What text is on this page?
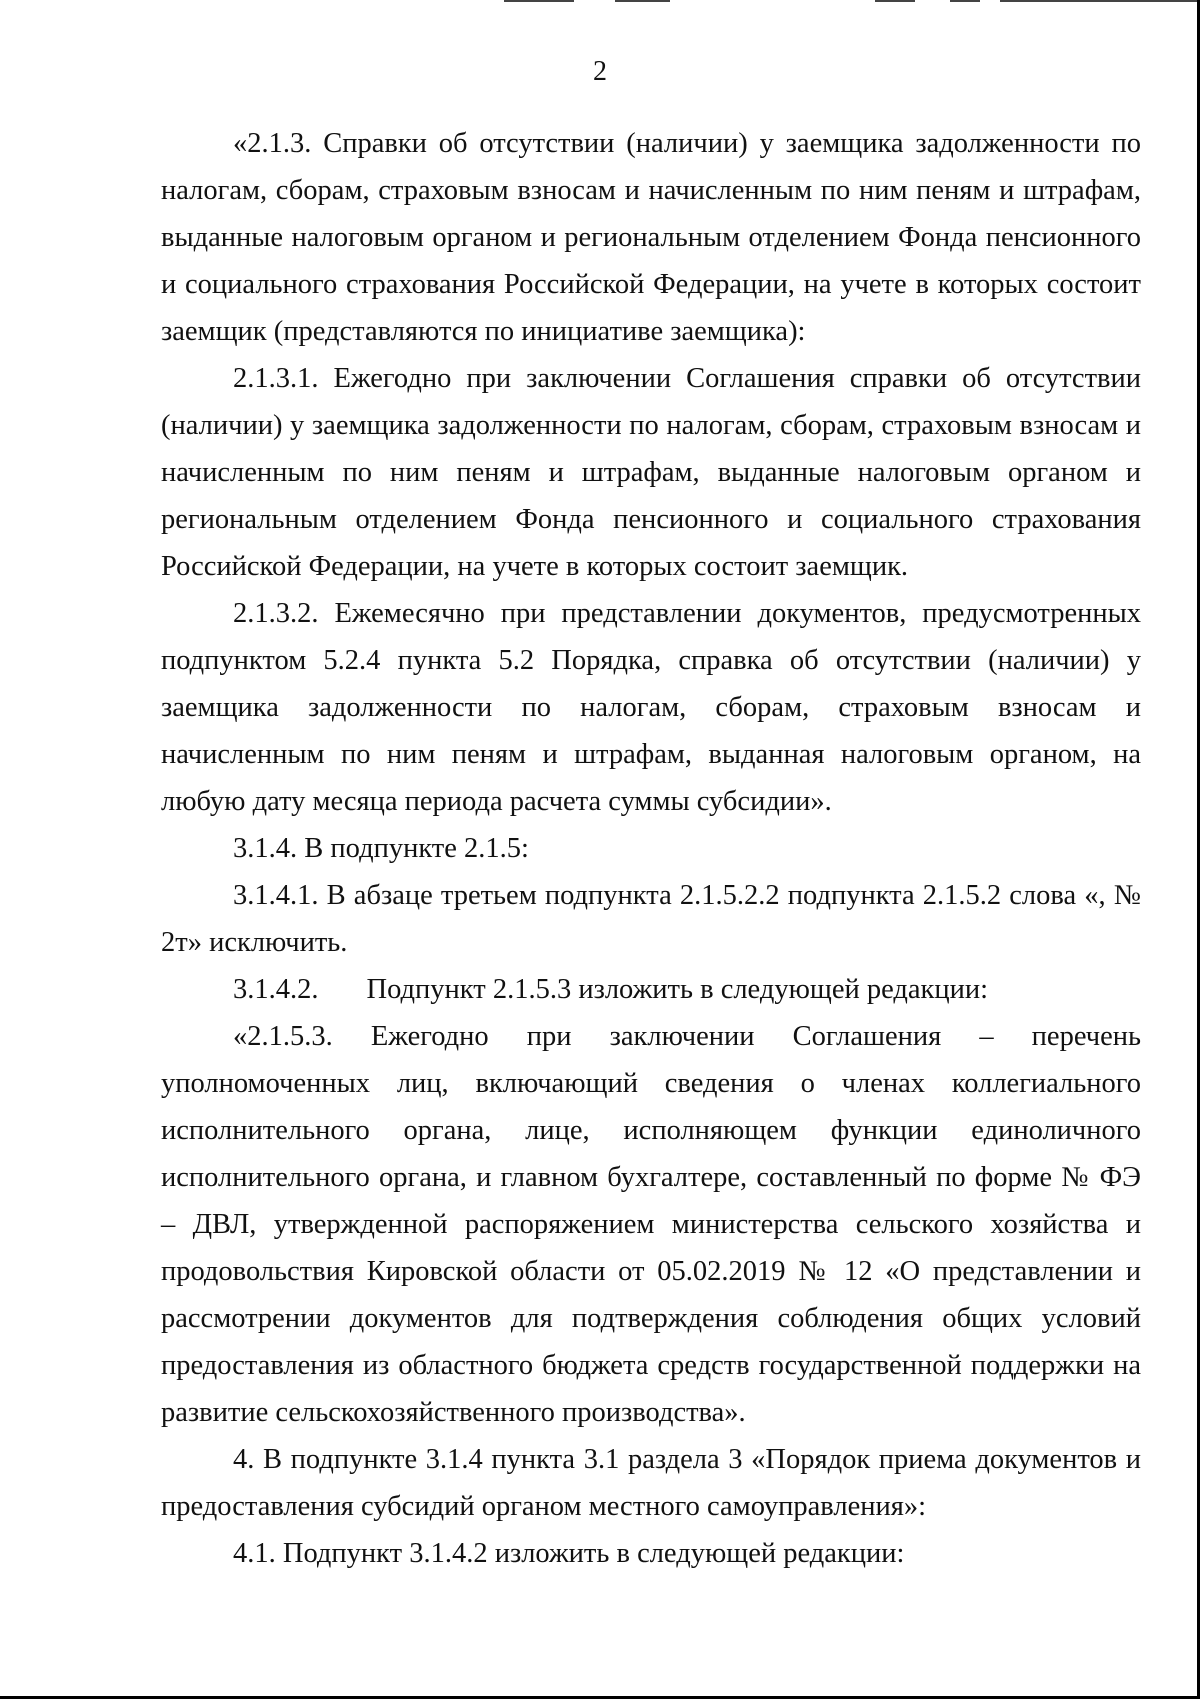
2

«2.1.3. Справки об отсутствии (наличии) у заемщика задолженности по налогам, сборам, страховым взносам и начисленным по ним пеням и штрафам, выданные налоговым органом и региональным отделением Фонда пенсионного и социального страхования Российской Федерации, на учете в которых состоит заемщик (представляются по инициативе заемщика):

2.1.3.1. Ежегодно при заключении Соглашения справки об отсутствии (наличии) у заемщика задолженности по налогам, сборам, страховым взносам и начисленным по ним пеням и штрафам, выданные налоговым органом и региональным отделением Фонда пенсионного и социального страхования Российской Федерации, на учете в которых состоит заемщик.

2.1.3.2. Ежемесячно при представлении документов, предусмотренных подпунктом 5.2.4 пункта 5.2 Порядка, справка об отсутствии (наличии) у заемщика задолженности по налогам, сборам, страховым взносам и начисленным по ним пеням и штрафам, выданная налоговым органом, на любую дату месяца периода расчета суммы субсидии».

3.1.4. В подпункте 2.1.5:

3.1.4.1. В абзаце третьем подпункта 2.1.5.2.2 подпункта 2.1.5.2 слова «, № 2т» исключить.

3.1.4.2. Подпункт 2.1.5.3 изложить в следующей редакции:

«2.1.5.3. Ежегодно при заключении Соглашения – перечень уполномоченных лиц, включающий сведения о членах коллегиального исполнительного органа, лице, исполняющем функции единоличного исполнительного органа, и главном бухгалтере, составленный по форме № ФЭ – ДВЛ, утвержденной распоряжением министерства сельского хозяйства и продовольствия Кировской области от 05.02.2019 № 12 «О представлении и рассмотрении документов для подтверждения соблюдения общих условий предоставления из областного бюджета средств государственной поддержки на развитие сельскохозяйственного производства».

4. В подпункте 3.1.4 пункта 3.1 раздела 3 «Порядок приема документов и предоставления субсидий органом местного самоуправления»:

4.1. Подпункт 3.1.4.2 изложить в следующей редакции:
